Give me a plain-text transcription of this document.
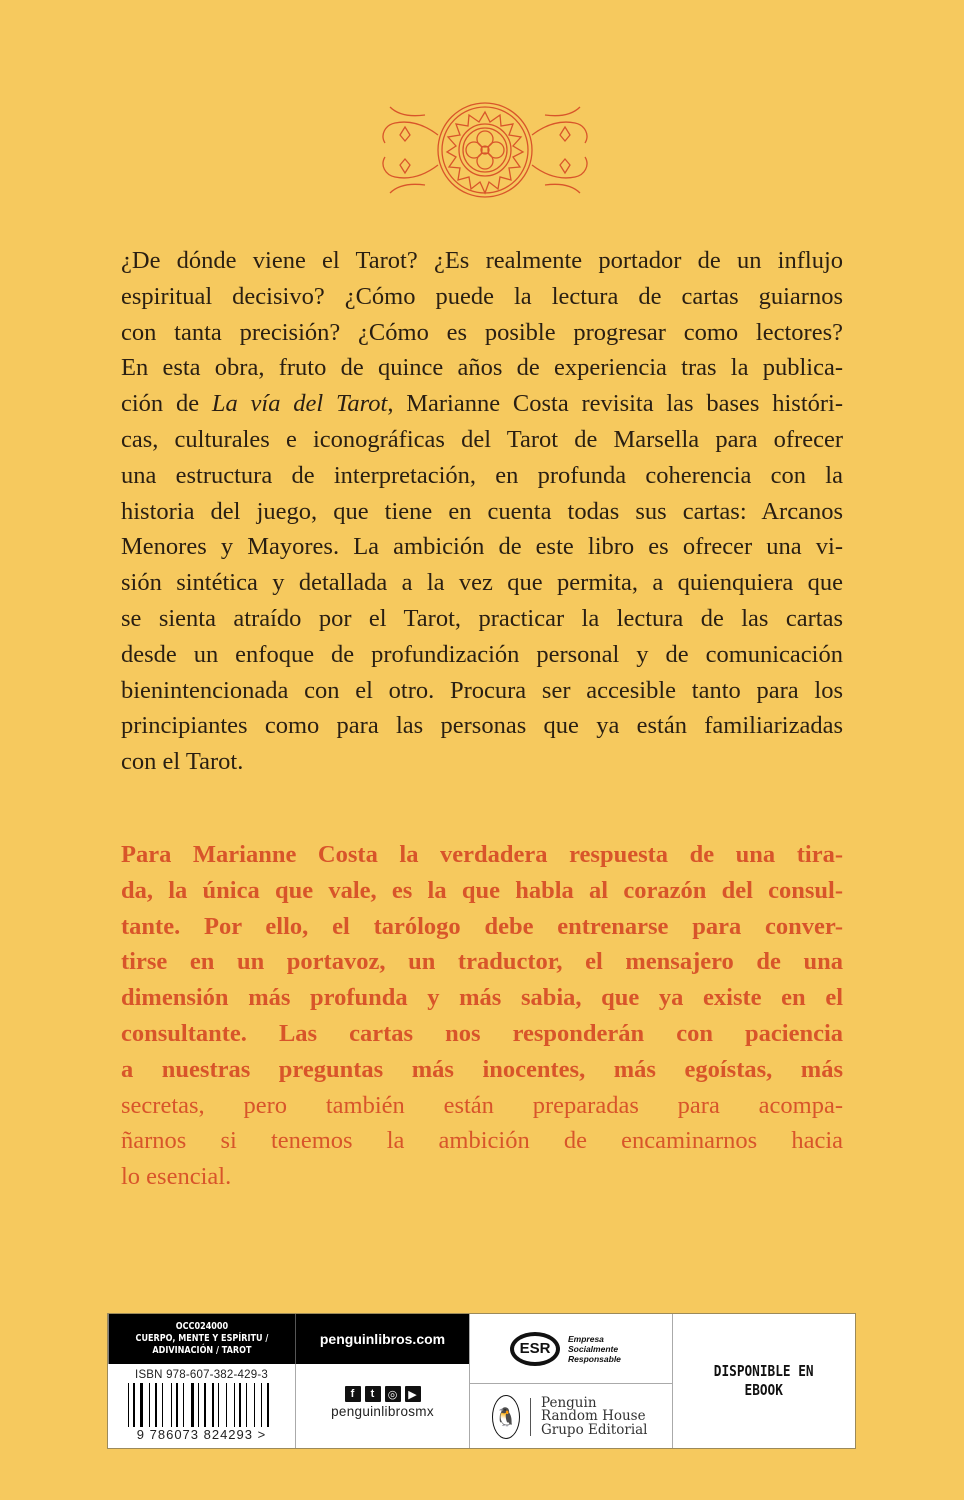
¿De dónde viene el Tarot? ¿Es realmente portador de un influjo
espiritual decisivo? ¿Cómo puede la lectura de cartas guiarnos
con tanta precisión? ¿Cómo es posible progresar como lectores?
En esta obra, fruto de quince años de experiencia tras la publica-
ción de La vía del Tarot, Marianne Costa revisita las bases históri-
cas, culturales e iconográficas del Tarot de Marsella para ofrecer
una estructura de interpretación, en profunda coherencia con la
historia del juego, que tiene en cuenta todas sus cartas: Arcanos
Menores y Mayores. La ambición de este libro es ofrecer una vi-
sión sintética y detallada a la vez que permita, a quienquiera que
se sienta atraído por el Tarot, practicar la lectura de las cartas
desde un enfoque de profundización personal y de comunicación
bienintencionada con el otro. Procura ser accesible tanto para los
principiantes como para las personas que ya están familiarizadas
con el Tarot.
Para Marianne Costa la verdadera respuesta de una tira-
da, la única que vale, es la que habla al corazón del consul-
tante. Por ello, el tarólogo debe entrenarse para conver-
tirse en un portavoz, un traductor, el mensajero de una
dimensión más profunda y más sabia, que ya existe en el
consultante. Las cartas nos responderán con paciencia
a nuestras preguntas más inocentes, más egoístas, más
secretas, pero también están preparadas para acompa-
ñarnos si tenemos la ambición de encaminarnos hacia
lo esencial.
OCC024000
CUERPO, MENTE Y ESPÍRITU /
ADIVINACIÓN / TAROT
ISBN 978-607-382-429-3
9 786073 824293 >
penguinlibros.com
f	t	◎ ▶
penguinlibrosmx
ESR
Empresa
Socialmente
Responsable
🐧
Penguin
Random House
Grupo Editorial
DISPONIBLE EN
EBOOK
